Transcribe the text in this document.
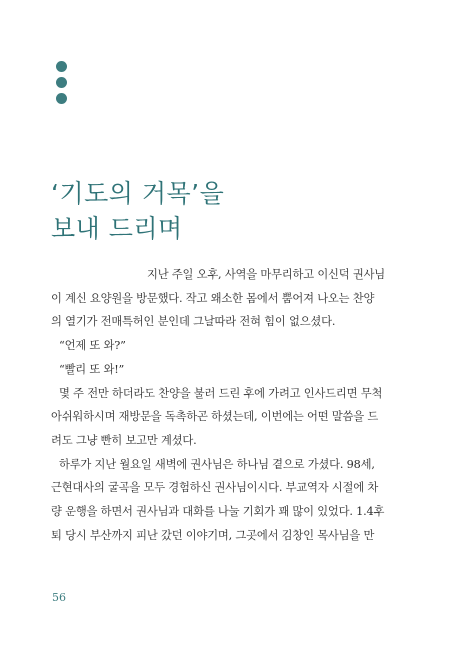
‘기도의 거목’을
보내 드리며
지난 주일 오후, 사역을 마무리하고 이신덕 권사님
이 계신 요양원을 방문했다. 작고 왜소한 몸에서 뿜어져 나오는 찬양
의 열기가 전매특허인 분인데 그날따라 전혀 힘이 없으셨다.
“언제 또 와?”
“빨리 또 와!”
몇 주 전만 하더라도 찬양을 불러 드린 후에 가려고 인사드리면 무척
아쉬워하시며 재방문을 독촉하곤 하셨는데, 이번에는 어떤 말씀을 드
려도 그냥 빤히 보고만 계셨다.
하루가 지난 월요일 새벽에 권사님은 하나님 곁으로 가셨다. 98세,
근현대사의 굴곡을 모두 경험하신 권사님이시다. 부교역자 시절에 차
량 운행을 하면서 권사님과 대화를 나눌 기회가 꽤 많이 있었다. 1.4후
퇴 당시 부산까지 피난 갔던 이야기며, 그곳에서 김창인 목사님을 만
56
